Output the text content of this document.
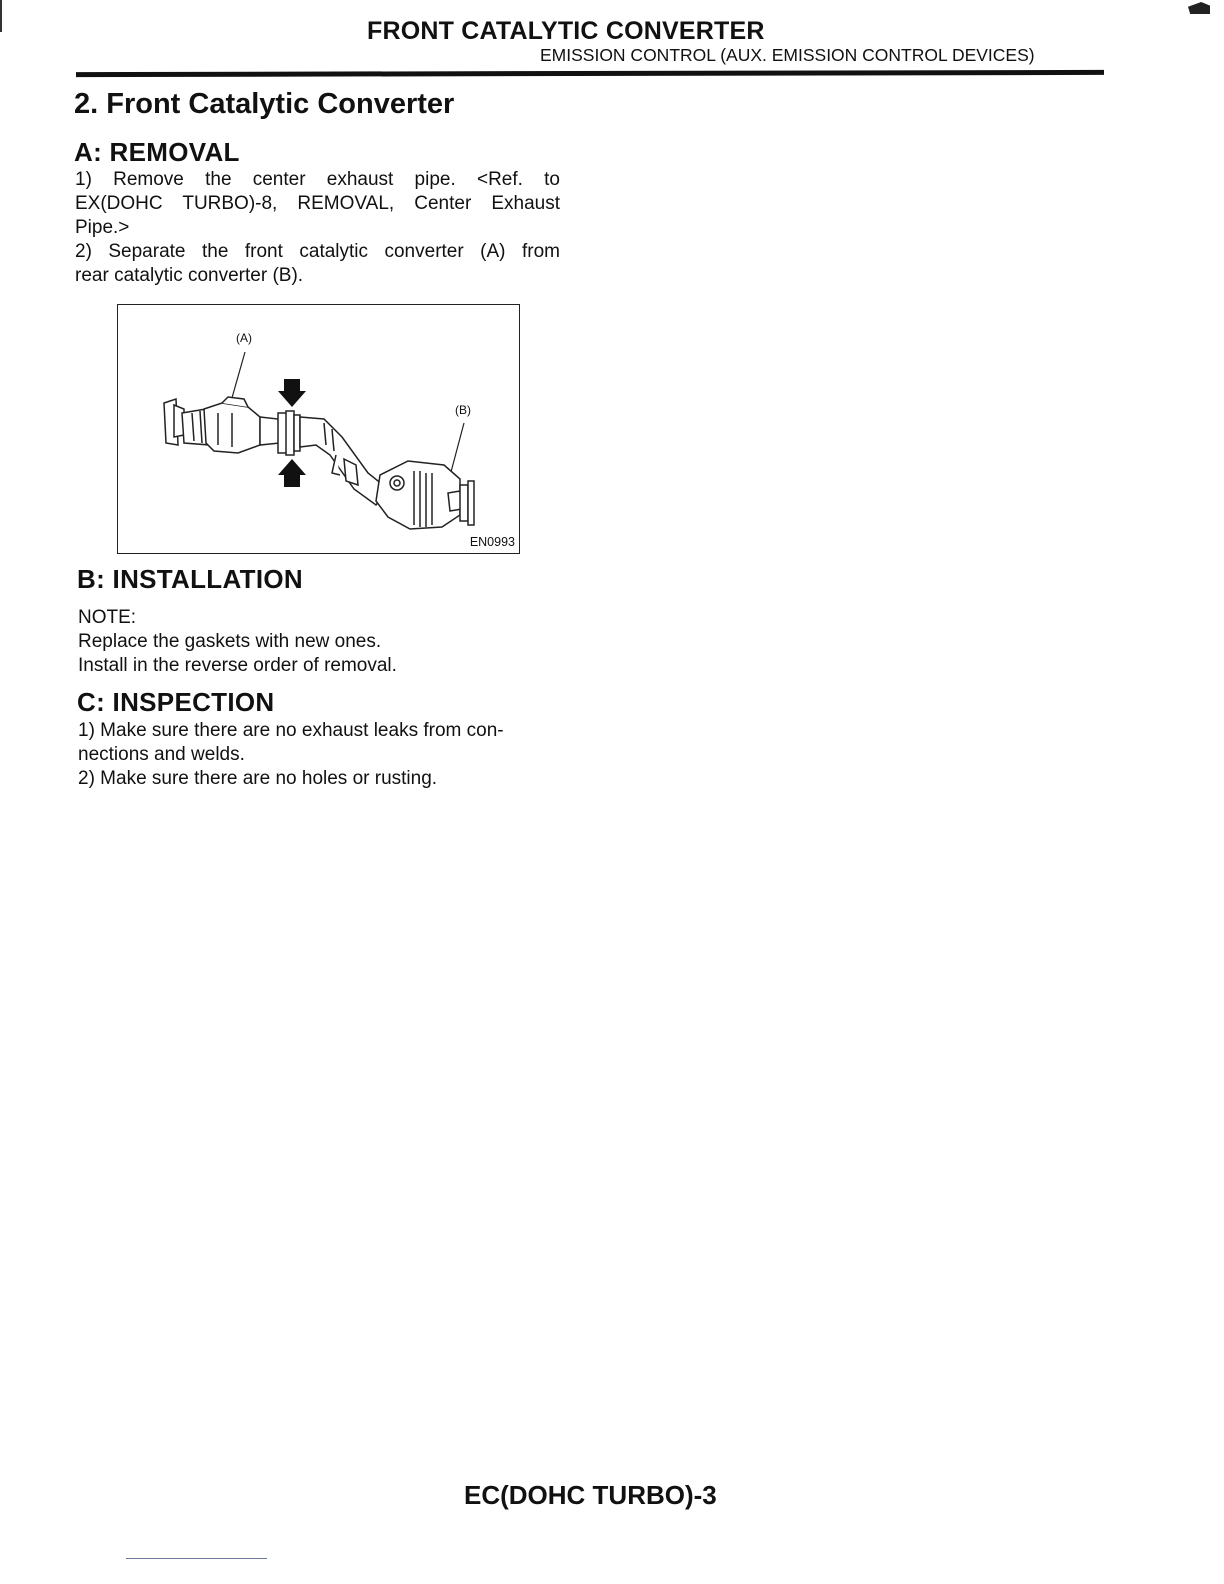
FRONT CATALYTIC CONVERTER
EMISSION CONTROL (AUX. EMISSION CONTROL DEVICES)
2. Front Catalytic Converter
A: REMOVAL
1) Remove the center exhaust pipe. <Ref. to
EX(DOHC TURBO)-8, REMOVAL, Center Exhaust
Pipe.>
2) Separate the front catalytic converter (A) from
rear catalytic converter (B).
(A)
(B)
EN0993
B: INSTALLATION
NOTE:
Replace the gaskets with new ones.
Install in the reverse order of removal.
C: INSPECTION
1) Make sure there are no exhaust leaks from con-
nections and welds.
2) Make sure there are no holes or rusting.
EC(DOHC TURBO)-3
